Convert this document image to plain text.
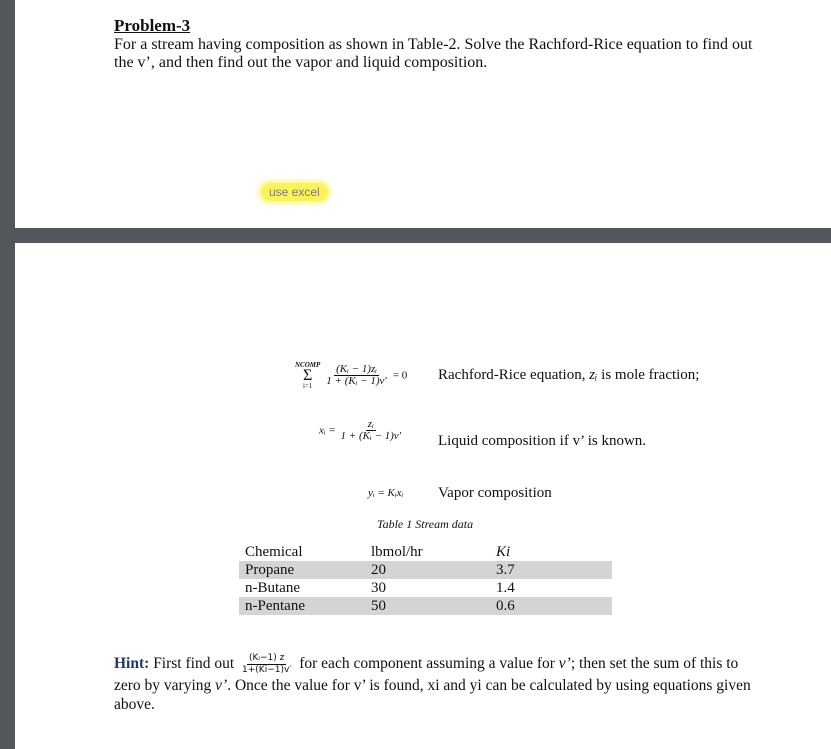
Problem-3
For a stream having composition as shown in Table-2. Solve the Rachford-Rice equation to find out the v’, and then find out the vapor and liquid composition.
use excel
NCOMP
Σ
i=1
$\frac{\text{(Kᵢ − 1)zᵢ}}{\text{1 + (Kᵢ − 1)v′}} = 0$ Rachford-Rice equation, zᵢ is mole fraction;
xᵢ = $\frac{\text{zᵢ}}{\text{1 + (Kᵢ − 1)v′}}$ Liquid composition if v’ is known.
yᵢ = Kᵢxᵢ Vapor composition
Table 1 Stream data
Chemical	lbmol/hr	Ki
Propane	20	3.7
n-Butane	30	1.4
n-Pentane	50	0.6
Hint: First find out $\frac{\text{(Kᵢ−1) z}}{1+(Ki-1)v'}$ for each component assuming a value for v’; then set the sum of this to zero by varying v’. Once the value for v’ is found, xi and yi can be calculated by using equations given above.
